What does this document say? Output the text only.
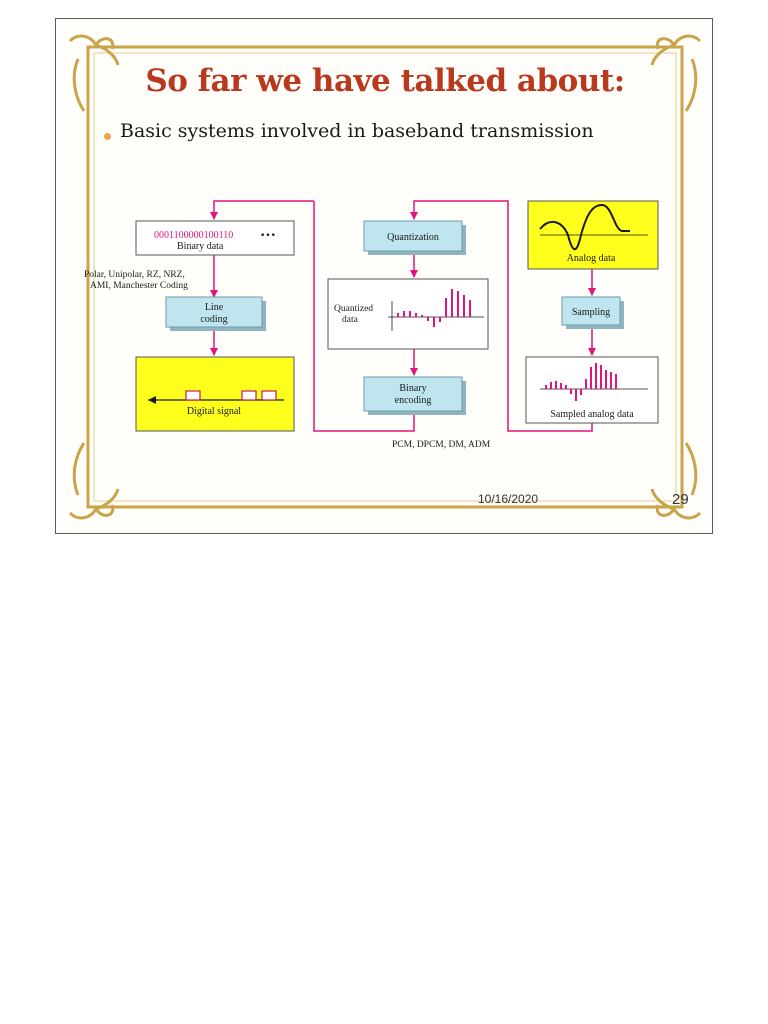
So far we have talked about:
Basic systems involved in baseband transmission
0001100000100110	•••
Binary data
Polar, Unipolar, RZ, NRZ,
AMI, Manchester Coding
Line
coding
Digital signal
Quantization
Quantized
data
Binary
encoding
PCM, DPCM, DM, ADM
Analog data
Sampling
Sampled analog data
10/16/2020	29
